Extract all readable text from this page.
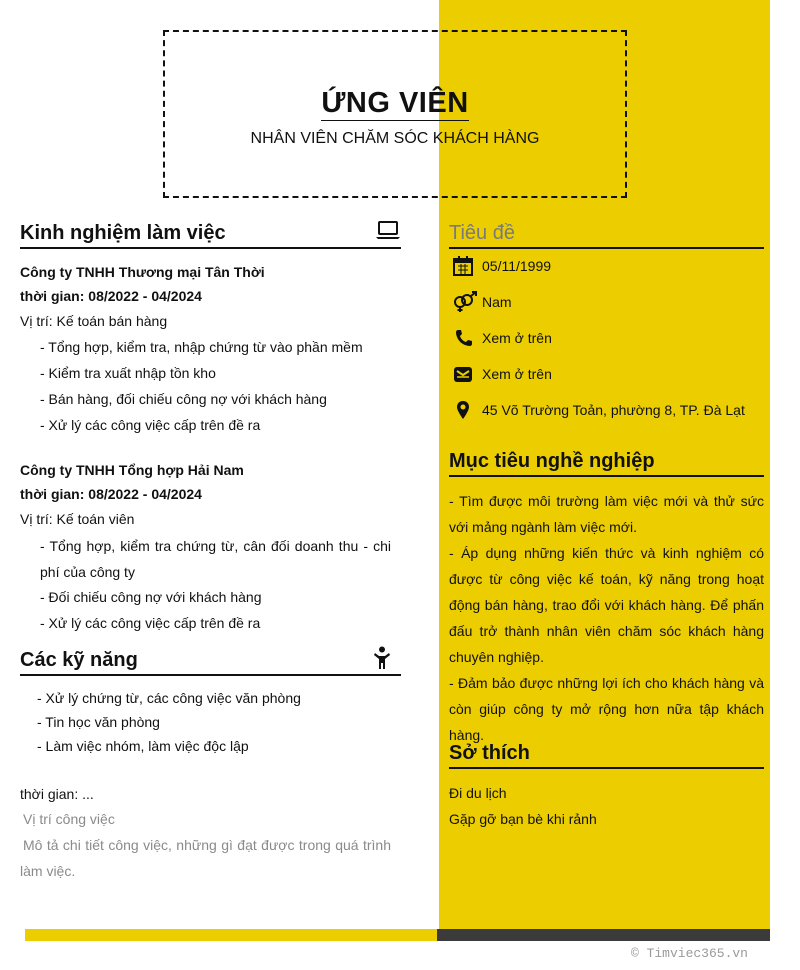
ỨNG VIÊN
NHÂN VIÊN CHĂM SÓC KHÁCH HÀNG
Kinh nghiệm làm việc
Công ty TNHH Thương mại Tân Thời
thời gian: 08/2022 - 04/2024
Vị trí: Kế toán bán hàng
- Tổng hợp, kiểm tra, nhập chứng từ vào phần mềm
- Kiểm tra xuất nhập tồn kho
- Bán hàng, đối chiếu công nợ với khách hàng
- Xử lý các công việc cấp trên đề ra
Công ty TNHH Tổng hợp Hải Nam
thời gian: 08/2022 - 04/2024
Vị trí: Kế toán viên
- Tổng hợp, kiểm tra chứng từ, cân đối doanh thu - chi phí của công ty
- Đối chiếu công nợ với khách hàng
- Xử lý các công việc cấp trên đề ra
Các kỹ năng
- Xử lý chứng từ, các công việc văn phòng
- Tin học văn phòng
- Làm việc nhóm, làm việc độc lập
thời gian: ...
Vị trí công việc
Mô tả chi tiết công việc, những gì đạt được trong quá trình làm việc.
Tiêu đề
05/11/1999
Nam
Xem ở trên
Xem ở trên
45 Võ Trường Toản, phường 8, TP. Đà Lạt
Mục tiêu nghề nghiệp

- Tìm được môi trường làm việc mới và thử sức với mảng ngành làm việc mới.

- Áp dụng những kiến thức và kinh nghiệm có được từ công việc kế toán, kỹ năng trong hoạt động bán hàng, trao đổi với khách hàng. Để phấn đấu trở thành nhân viên chăm sóc khách hàng chuyên nghiệp.

- Đảm bảo được những lợi ích cho khách hàng và còn giúp công ty mở rộng hơn nữa tập khách hàng.

Sở thích
Đi du lịch
Gặp gỡ bạn bè khi rảnh
© Timviec365.vn
